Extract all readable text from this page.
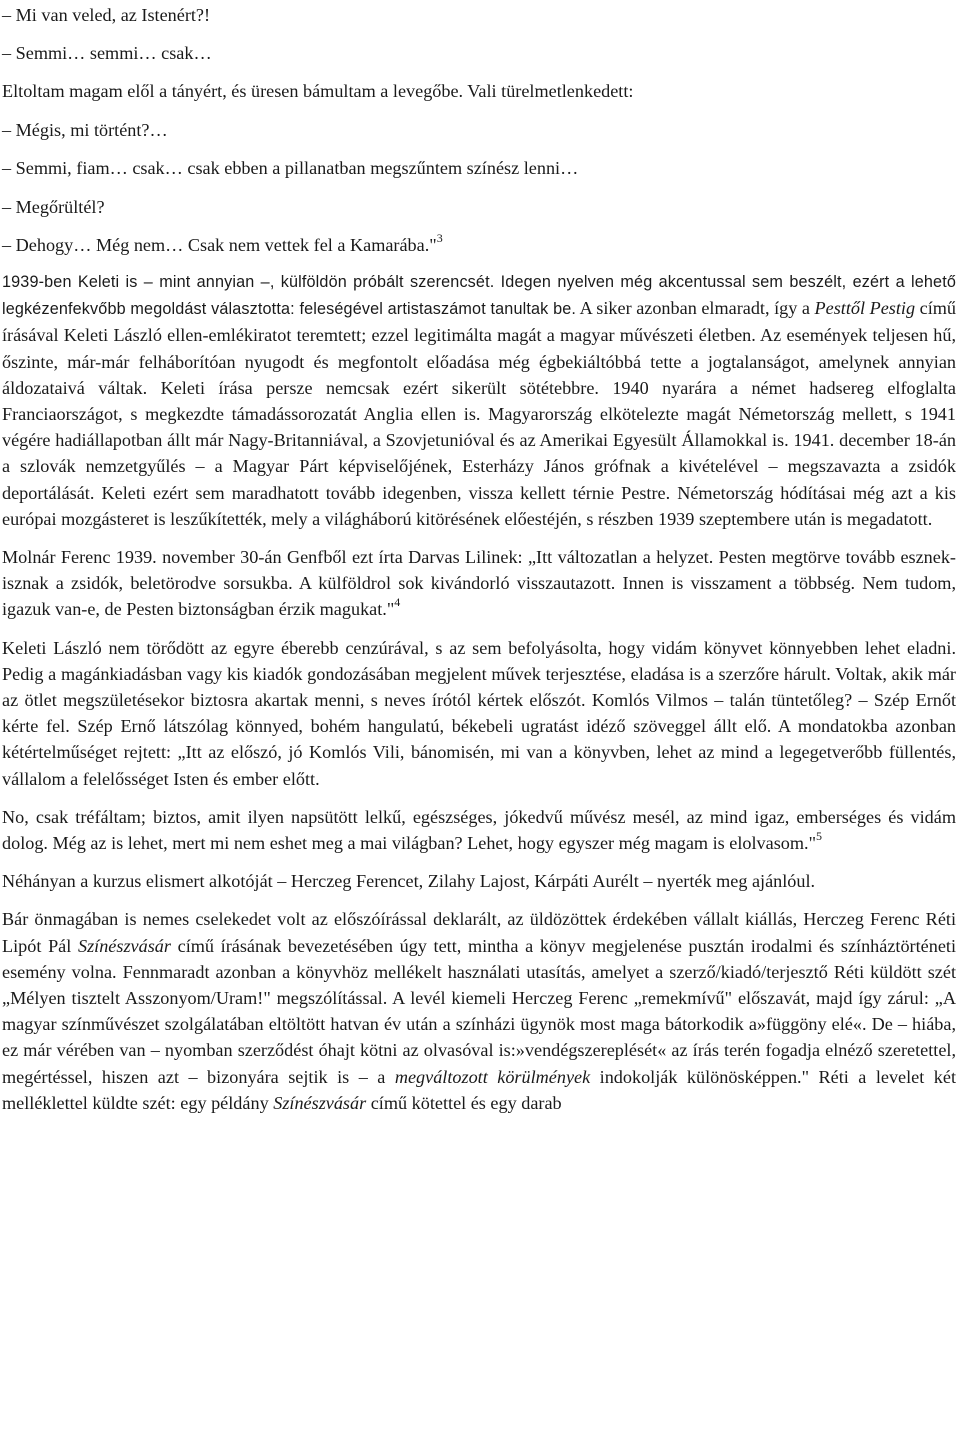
– Mi van veled, az Istenért?!
– Semmi… semmi… csak…
Eltoltam magam elől a tányért, és üresen bámultam a levegőbe. Vali türelmetlenkedett:
– Mégis, mi történt?…
– Semmi, fiam… csak… csak ebben a pillanatban megszűntem színész lenni…
– Megőrültél?
– Dehogy… Még nem… Csak nem vettek fel a Kamarába."$^3$

1939-ben Keleti is – mint annyian –, külföldön próbált szerencsét. Idegen nyelven még akcentussal sem beszélt, ezért a lehető legkézenfekvőbb megoldást választotta: feleségével artistaszámot tanultak be. A siker azonban elmaradt, így a Pesttől Pestig című írásával Keleti László ellen-emlékiratot teremtett; ezzel legitimálta magát a magyar művészeti életben. Az események teljesen hű, őszinte, már-már felháborítóan nyugodt és megfontolt előadása még égbekiáltóbbá tette a jogtalanságot, amelynek annyian áldozataivá váltak. Keleti írása persze nemcsak ezért sikerült sötétebbre. 1940 nyarára a német hadsereg elfoglalta Franciaországot, s megkezdte támadássorozatát Anglia ellen is. Magyarország elkötelezte magát Németország mellett, s 1941 végére hadiállapotban állt már Nagy-Britanniával, a Szovjetunióval és az Amerikai Egyesült Államokkal is. 1941. december 18-án a szlovák nemzetgyűlés – a Magyar Párt képviselőjének, Esterházy János grófnak a kivételével – megszavazta a zsidók deportálását. Keleti ezért sem maradhatott tovább idegenben, vissza kellett térnie Pestre. Németország hódításai még azt a kis európai mozgásteret is leszűkítették, mely a világháború kitörésének előestéjén, s részben 1939 szeptembere után is megadatott.

Molnár Ferenc 1939. november 30-án Genfből ezt írta Darvas Lilinek: „Itt változatlan a helyzet. Pesten megtörve tovább esznek-isznak a zsidók, beletörodve sorsukba. A külföldrol sok kivándorló visszautazott. Innen is visszament a többség. Nem tudom, igazuk van-e, de Pesten biztonságban érzik magukat."$^4$

Keleti László nem törődött az egyre éberebb cenzúrával, s az sem befolyásolta, hogy vidám könyvet könnyebben lehet eladni. Pedig a magánkiadásban vagy kis kiadók gondozásában megjelent művek terjesztése, eladása is a szerzőre hárult. Voltak, akik már az ötlet megszületésekor biztosra akartak menni, s neves írótól kértek előszót. Komlós Vilmos – talán tüntetőleg? – Szép Ernőt kérte fel. Szép Ernő látszólag könnyed, bohém hangulatú, békebeli ugratást idéző szöveggel állt elő. A mondatokba azonban kétértelműséget rejtett: „Itt az előszó, jó Komlós Vili, bánomisén, mi van a könyvben, lehet az mind a legegetverőbb füllentés, vállalom a felelősséget Isten és ember előtt.

No, csak tréfáltam; biztos, amit ilyen napsütött lelkű, egészséges, jókedvű művész mesél, az mind igaz, emberséges és vidám dolog. Még az is lehet, mert mi nem eshet meg a mai világban? Lehet, hogy egyszer még magam is elolvasom."$^5$

Néhányan a kurzus elismert alkotóját – Herczeg Ferencet, Zilahy Lajost, Kárpáti Aurélt – nyerték meg ajánlóul.

Bár önmagában is nemes cselekedet volt az előszóírással deklarált, az üldözöttek érdekében vállalt kiállás, Herczeg Ferenc Réti Lipót Pál Színészvásár című írásának bevezetésében úgy tett, mintha a könyv megjelenése pusztán irodalmi és színháztörténeti esemény volna. Fennmaradt azonban a könyvhöz mellékelt használati utasítás, amelyet a szerző/kiadó/terjesztő Réti küldött szét „Mélyen tisztelt Asszonyom/Uram!" megszólítással. A levél kiemeli Herczeg Ferenc „remekmívű" előszavát, majd így zárul: „A magyar színművészet szolgálatában eltöltött hatvan év után a színházi ügynök most maga bátorkodik a»függöny elé«. De – hiába, ez már vérében van – nyomban szerződést óhajt kötni az olvasóval is:»vendégszereplését« az írás terén fogadja elnéző szeretettel, megértéssel, hiszen azt – bizonyára sejtik is – a megváltozott körülmények indokolják különösképpen." Réti a levelet két melléklettel küldte szét: egy példány Színészvásár című kötettel és egy darab
